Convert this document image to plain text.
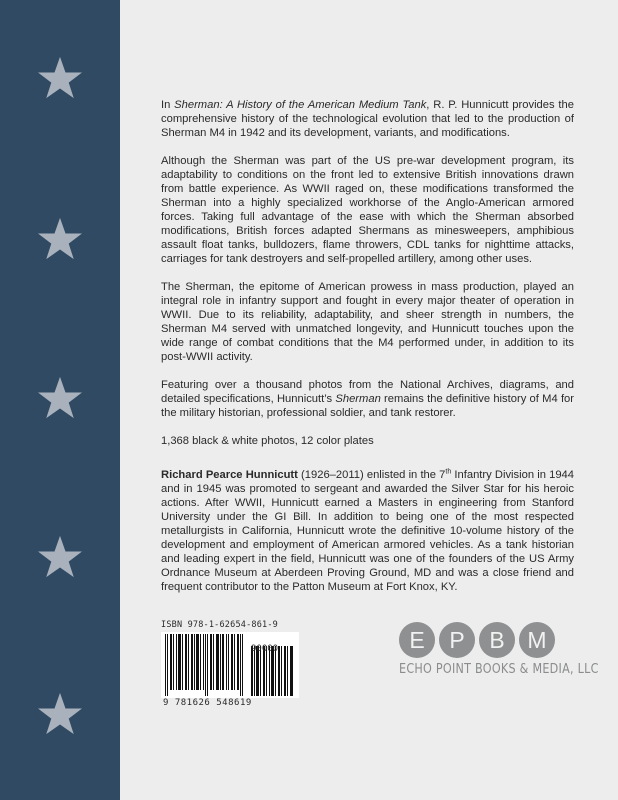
In Sherman: A History of the American Medium Tank, R. P. Hunnicutt provides the comprehensive history of the technological evolution that led to the production of Sherman M4 in 1942 and its development, variants, and modifications.

Although the Sherman was part of the US pre-war development program, its adaptability to conditions on the front led to extensive British innovations drawn from battle experience. As WWII raged on, these modifications transformed the Sherman into a highly specialized workhorse of the Anglo-American armored forces. Taking full advantage of the ease with which the Sherman absorbed modifications, British forces adapted Shermans as minesweepers, amphibious assault float tanks, bulldozers, flame throwers, CDL tanks for nighttime attacks, carriages for tank destroyers and self-propelled artillery, among other uses.

The Sherman, the epitome of American prowess in mass production, played an integral role in infantry support and fought in every major theater of operation in WWII. Due to its reliability, adaptability, and sheer strength in numbers, the Sherman M4 served with unmatched longevity, and Hunnicutt touches upon the wide range of combat conditions that the M4 performed under, in addition to its post-WWII activity.

Featuring over a thousand photos from the National Archives, diagrams, and detailed specifications, Hunnicutt’s Sherman remains the definitive history of M4 for the military historian, professional soldier, and tank restorer.

1,368 black & white photos, 12 color plates

Richard Pearce Hunnicutt (1926–2011) enlisted in the 7th Infantry Division in 1944 and in 1945 was promoted to sergeant and awarded the Silver Star for his heroic actions. After WWII, Hunnicutt earned a Masters in engineering from Stanford University under the GI Bill. In addition to being one of the most respected metallurgists in California, Hunnicutt wrote the definitive 10-volume history of the development and employment of American armored vehicles. As a tank historian and leading expert in the field, Hunnicutt was one of the founders of the US Army Ordnance Museum at Aberdeen Proving Ground, MD and was a close friend and frequent contributor to the Patton Museum at Fort Knox, KY.

ISBN 978-1-62654-861-9
90000
9 781626 548619
E	P	B M
ECHO POINT BOOKS & MEDIA, LLC
